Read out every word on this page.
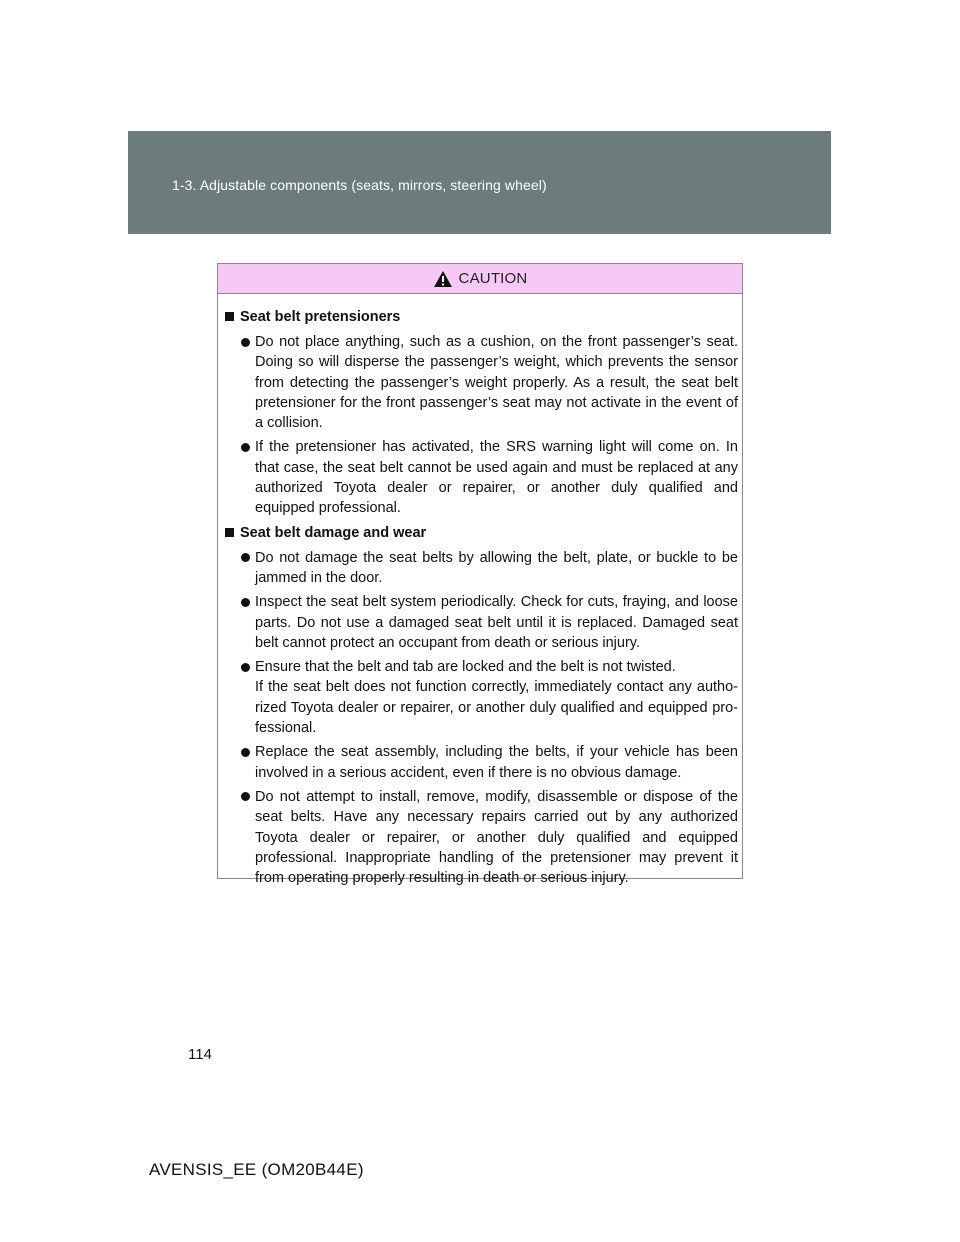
1-3. Adjustable components (seats, mirrors, steering wheel)
CAUTION
Seat belt pretensioners
Do not place anything, such as a cushion, on the front passenger’s seat. Doing so will disperse the passenger’s weight, which prevents the sensor from detecting the passenger’s weight properly. As a result, the seat belt pretensioner for the front passenger’s seat may not activate in the event of a collision.
If the pretensioner has activated, the SRS warning light will come on. In that case, the seat belt cannot be used again and must be replaced at any authorized Toyota dealer or repairer, or another duly qualified and equipped professional.
Seat belt damage and wear
Do not damage the seat belts by allowing the belt, plate, or buckle to be jammed in the door.
Inspect the seat belt system periodically. Check for cuts, fraying, and loose parts. Do not use a damaged seat belt until it is replaced. Damaged seat belt cannot protect an occupant from death or serious injury.
Ensure that the belt and tab are locked and the belt is not twisted.
If the seat belt does not function correctly, immediately contact any autho-rized Toyota dealer or repairer, or another duly qualified and equipped pro-fessional.
Replace the seat assembly, including the belts, if your vehicle has been involved in a serious accident, even if there is no obvious damage.
Do not attempt to install, remove, modify, disassemble or dispose of the seat belts. Have any necessary repairs carried out by any authorized Toyota dealer or repairer, or another duly qualified and equipped professional. Inappropriate handling of the pretensioner may prevent it from operating properly resulting in death or serious injury.
114
AVENSIS_EE (OM20B44E)
